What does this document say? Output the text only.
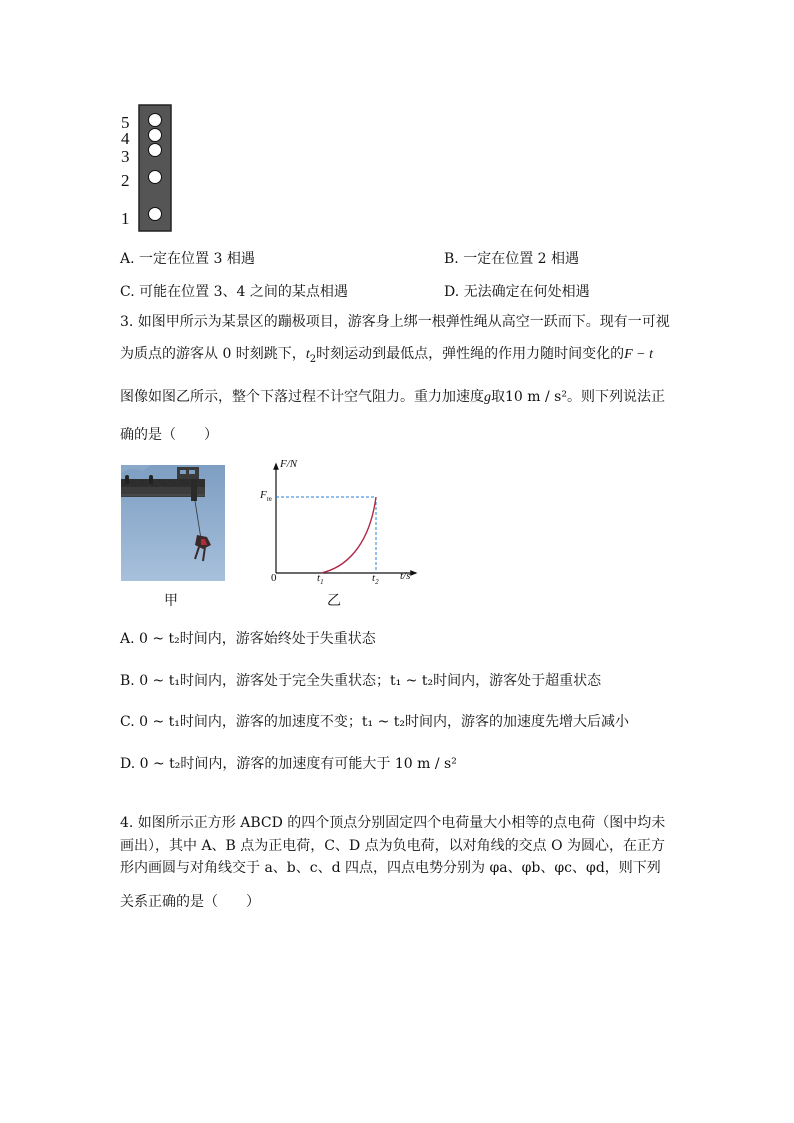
5
4
3
2
1
A. 一定在位置 3 相遇	B. 一定在位置 2 相遇
C. 可能在位置 3、4 之间的某点相遇	D. 无法确定在何处相遇
3. 如图甲所示为某景区的蹦极项目，游客身上绑一根弹性绳从高空一跃而下。现有一可视
为质点的游客从 0 时刻跳下，$t_2$时刻运动到最低点，弹性绳的作用力随时间变化的F − t
图像如图乙所示，整个下落过程不计空气阻力。重力加速度g取10 m / s²。则下列说法正
确的是（　　）
甲
F/N
$F_m$
0	$t_1$	$t_2$
t/s
乙
A. 0 ~ t₂时间内，游客始终处于失重状态
B. 0 ~ t₁时间内，游客处于完全失重状态；t₁ ~ t₂时间内，游客处于超重状态
C. 0 ~ t₁时间内，游客的加速度不变；t₁ ~ t₂时间内，游客的加速度先增大后减小
D. 0 ~ t₂时间内，游客的加速度有可能大于 10 m / s²
4. 如图所示正方形 ABCD 的四个顶点分别固定四个电荷量大小相等的点电荷（图中均未
画出），其中 A、B 点为正电荷，C、D 点为负电荷，以对角线的交点 O 为圆心，在正方
形内画圆与对角线交于 a、b、c、d 四点，四点电势分别为 φa、φb、φc、φd，则下列
关系正确的是（　　）
